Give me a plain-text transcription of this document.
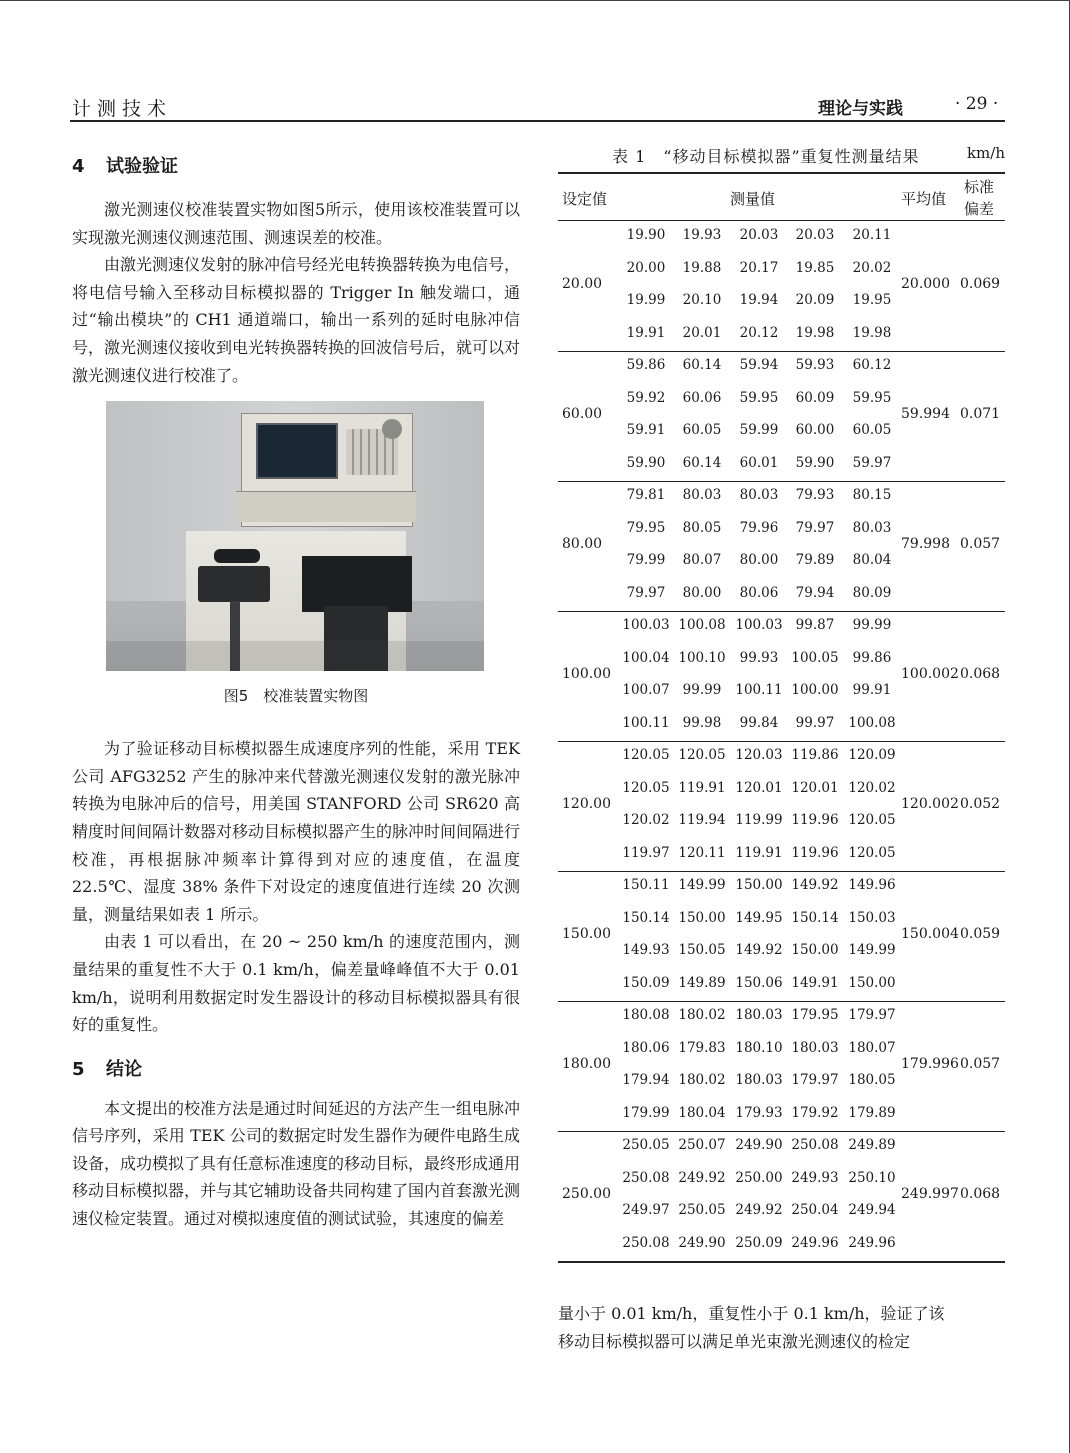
计测技术	理论与实践	· 29 ·
4 试验验证

激光测速仪校准装置实物如图5所示，使用该校准装置可以实现激光测速仪测速范围、测速误差的校准。

由激光测速仪发射的脉冲信号经光电转换器转换为电信号，将电信号输入至移动目标模拟器的 Trigger In 触发端口，通过“输出模块”的 CH1 通道端口，输出一系列的延时电脉冲信号，激光测速仪接收到电光转换器转换的回波信号后，就可以对激光测速仪进行校准了。

图5　校准装置实物图

为了验证移动目标模拟器生成速度序列的性能，采用 TEK 公司 AFG3252 产生的脉冲来代替激光测速仪发射的激光脉冲转换为电脉冲后的信号，用美国 STANFORD 公司 SR620 高精度时间间隔计数器对移动目标模拟器产生的脉冲时间间隔进行校准，再根据脉冲频率计算得到对应的速度值，在温度 22.5℃、湿度 38% 条件下对设定的速度值进行连续 20 次测量，测量结果如表 1 所示。

由表 1 可以看出，在 20 ~ 250 km/h 的速度范围内，测量结果的重复性不大于 0.1 km/h，偏差量峰峰值不大于 0.01 km/h，说明利用数据定时发生器设计的移动目标模拟器具有很好的重复性。

5 结论

本文提出的校准方法是通过时间延迟的方法产生一组电脉冲信号序列，采用 TEK 公司的数据定时发生器作为硬件电路生成设备，成功模拟了具有任意标准速度的移动目标，最终形成通用移动目标模拟器，并与其它辅助设备共同构建了国内首套激光测速仪检定装置。通过对模拟速度值的测试试验，其速度的偏差

表 1　“移动目标模拟器”重复性测量结果	km/h
设定值	测量值	平均值
标准
偏差
20.00
19.90	19.93	20.03	20.03	20.11
20.00	19.88	20.17	19.85	20.02
19.99	20.10	19.94	20.09	19.95
19.91	20.01	20.12	19.98	19.98
20.000 0.069
60.00
59.86	60.14	59.94	59.93	60.12
59.92	60.06	59.95	60.09	59.95
59.91	60.05	59.99	60.00	60.05
59.90	60.14	60.01	59.90	59.97
59.994 0.071
80.00
79.81	80.03	80.03	79.93	80.15
79.95	80.05	79.96	79.97	80.03
79.99	80.07	80.00	79.89	80.04
79.97	80.00	80.06	79.94	80.09
79.998 0.057
100.00
100.03 100.08 100.03 99.87	99.99
100.04 100.10	99.93 100.05	99.86
100.07 99.99	100.11 100.00	99.91
100.11 99.98	99.84	99.97	100.08
100.002 0.068
120.00
120.05 120.05 120.03 119.86 120.09
120.05 119.91 120.01 120.01 120.02
120.02 119.94 119.99 119.96 120.05
119.97 120.11 119.91 119.96 120.05
120.002 0.052
150.00
150.11 149.99 150.00 149.92 149.96
150.14 150.00 149.95 150.14 150.03
149.93 150.05 149.92 150.00 149.99
150.09 149.89 150.06 149.91 150.00
150.004 0.059
180.00
180.08 180.02 180.03 179.95 179.97
180.06 179.83 180.10 180.03 180.07
179.94 180.02 180.03 179.97 180.05
179.99 180.04 179.93 179.92 179.89
179.996 0.057
250.00
250.05 250.07 249.90 250.08 249.89
250.08 249.92 250.00 249.93 250.10
249.97 250.05 249.92 250.04 249.94
250.08 249.90 250.09 249.96 249.96
249.997 0.068

量小于 0.01 km/h，重复性小于 0.1 km/h，验证了该

移动目标模拟器可以满足单光束激光测速仪的检定
